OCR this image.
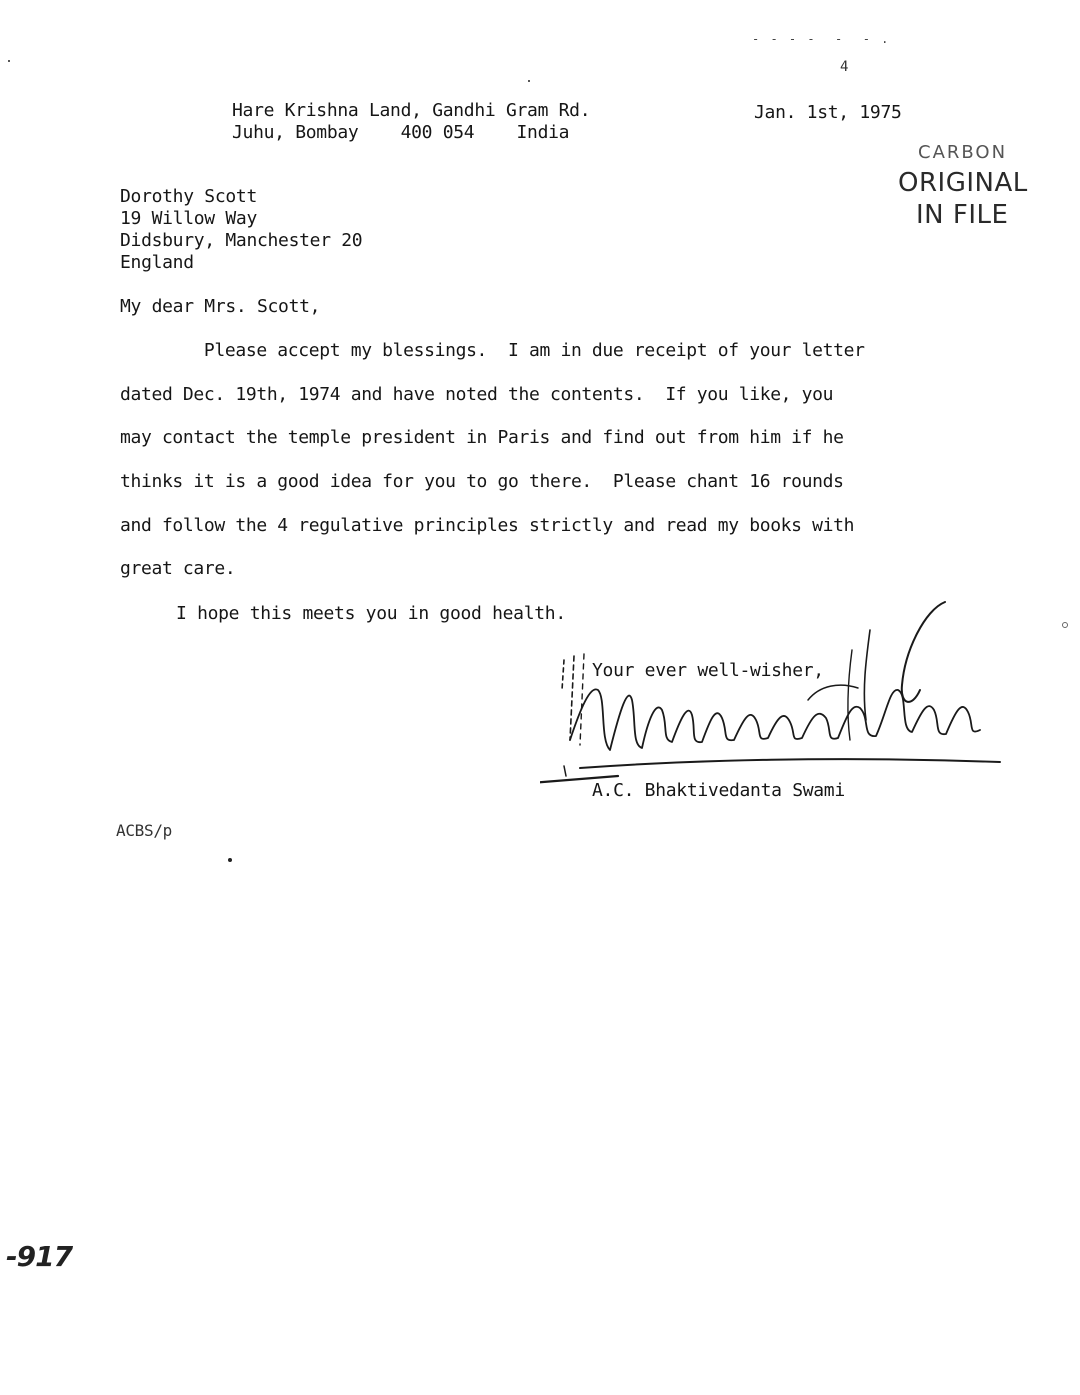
- - - -  -  - .
4
Hare Krishna Land, Gandhi Gram Rd.
Juhu, Bombay    400 054    India
Jan. 1st, 1975
CARBON
ORIGINAL
IN FILE
Dorothy Scott
19 Willow Way
Didsbury, Manchester 20
England
My dear Mrs. Scott,
Please accept my blessings.  I am in due receipt of your letter
dated Dec. 19th, 1974 and have noted the contents.  If you like, you
may contact the temple president in Paris and find out from him if he
thinks it is a good idea for you to go there.  Please chant 16 rounds
and follow the 4 regulative principles strictly and read my books with
great care.
I hope this meets you in good health.
Your ever well-wisher,
A.C. Bhaktivedanta Swami
ACBS/p
-917
